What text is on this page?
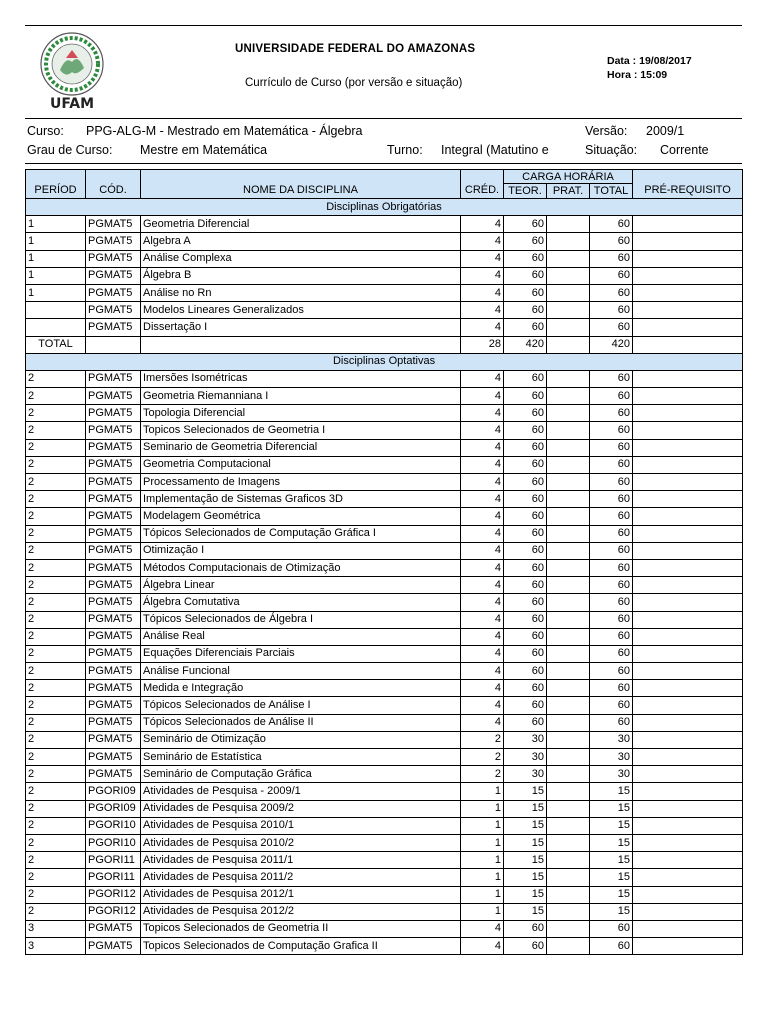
UFAM
UNIVERSIDADE FEDERAL DO AMAZONAS
Currículo de Curso (por versão e situação)
Data : 19/08/2017
Hora : 15:09
Curso: PPG-ALG-M - Mestrado em Matemática - Álgebra	Versão: 2009/1
Grau de Curso: Mestre em Matemática	Turno: Integral (Matutino e	Situação: Corrente
PERÍOD	CÓD.	NOME DA DISCIPLINA	CRÉD.	CARGA HORÁRIA			PRÉ-REQUISITO
				TEOR.	PRAT.	TOTAL	
Disciplinas Obrigatórias							
1	PGMAT5	Geometria Diferencial	4	60		60	
1	PGMAT5	Algebra A	4	60		60	
1	PGMAT5	Análise Complexa	4	60		60	
1	PGMAT5	Álgebra B	4	60		60	
1	PGMAT5	Análise no Rn	4	60		60	
	PGMAT5	Modelos Lineares Generalizados	4	60		60	
	PGMAT5	Dissertação I	4	60		60	
TOTAL			28	420		420	
Disciplinas Optativas							
2	PGMAT5	Imersões Isométricas	4	60		60	
2	PGMAT5	Geometria Riemanniana I	4	60		60	
2	PGMAT5	Topologia Diferencial	4	60		60	
2	PGMAT5	Topicos Selecionados de Geometria I	4	60		60	
2	PGMAT5	Seminario de Geometria Diferencial	4	60		60	
2	PGMAT5	Geometria Computacional	4	60		60	
2	PGMAT5	Processamento de Imagens	4	60		60	
2	PGMAT5	Implementação de Sistemas Graficos 3D	4	60		60	
2	PGMAT5	Modelagem Geométrica	4	60		60	
2	PGMAT5	Tópicos Selecionados de Computação Gráfica I	4	60		60	
2	PGMAT5	Otimização I	4	60		60	
2	PGMAT5	Métodos Computacionais de Otimização	4	60		60	
2	PGMAT5	Álgebra Linear	4	60		60	
2	PGMAT5	Álgebra Comutativa	4	60		60	
2	PGMAT5	Tópicos Selecionados de Álgebra I	4	60		60	
2	PGMAT5	Análise Real	4	60		60	
2	PGMAT5	Equações Diferenciais Parciais	4	60		60	
2	PGMAT5	Análise Funcional	4	60		60	
2	PGMAT5	Medida e Integração	4	60		60	
2	PGMAT5	Tópicos Selecionados de Análise I	4	60		60	
2	PGMAT5	Tópicos Selecionados de Análise II	4	60		60	
2	PGMAT5	Seminário de Otimização	2	30		30	
2	PGMAT5	Seminário de Estatística	2	30		30	
2	PGMAT5	Seminário de Computação Gráfica	2	30		30	
2	PGORI09	Atividades de Pesquisa - 2009/1	1	15		15	
2	PGORI09	Atividades de Pesquisa 2009/2	1	15		15	
2	PGORI10	Atividades de Pesquisa 2010/1	1	15		15	
2	PGORI10	Atividades de Pesquisa 2010/2	1	15		15	
2	PGORI11	Atividades de Pesquisa 2011/1	1	15		15	
2	PGORI11	Atividades de Pesquisa 2011/2	1	15		15	
2	PGORI12	Atividades de Pesquisa 2012/1	1	15		15	
2	PGORI12	Atividades de Pesquisa 2012/2	1	15		15	
3	PGMAT5	Topicos Selecionados de Geometria II	4	60		60	
3	PGMAT5	Topicos Selecionados de Computação Grafica II	4	60		60	
